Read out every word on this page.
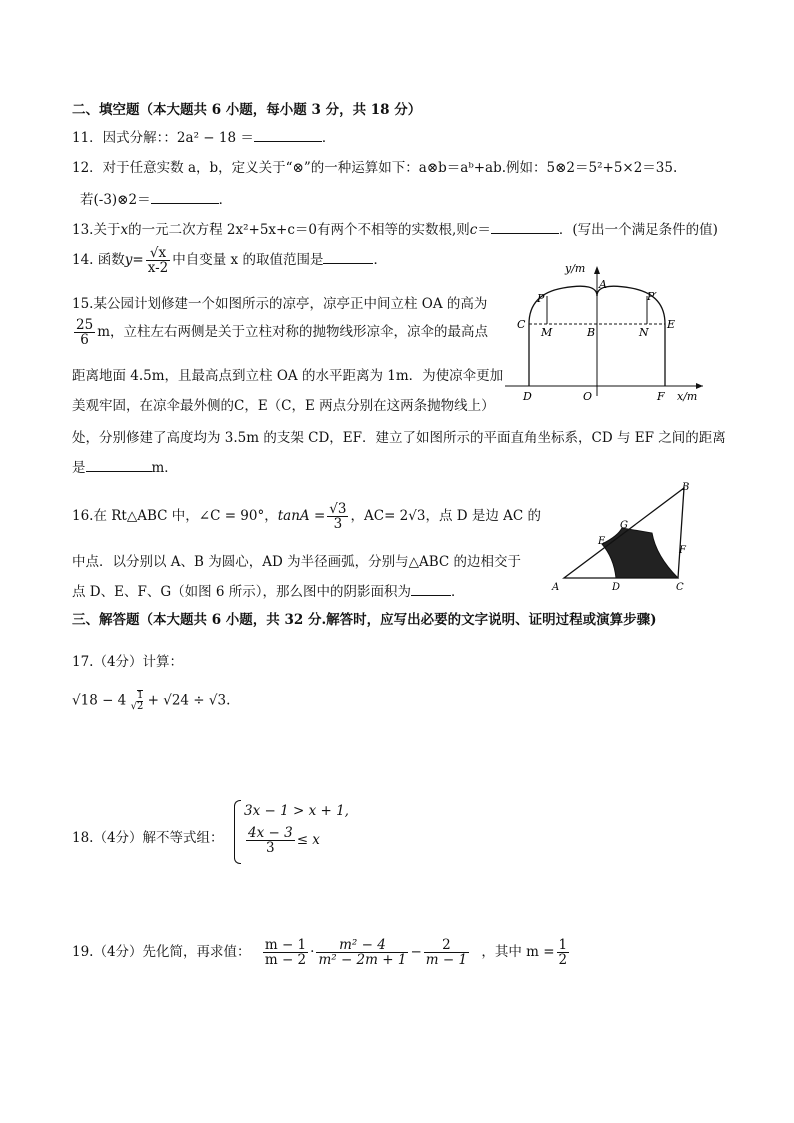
二、填空题（本大题共 6 小题，每小题 3 分，共 18 分）
11．因式分解：：2a² − 18 ＝	．
12．对于任意实数 a，b，定义关于“⊗”的一种运算如下：a⊗b＝aᵇ+ab.例如：5⊗2＝5²+5×2＝35.
若(-3)⊗2＝	．
13.关于x的一元二次方程 2x²+5x+c＝0有两个不相等的实数根,则c＝	．(写出一个满足条件的值)
14. 函数$y= \frac{√x}{x-2}$ 中自变量 x 的取值范围是	．
15.某公园计划修建一个如图所示的凉亭，凉亭正中间立柱 OA 的高为
$\frac{25}{6}$ m，立柱左右两侧是关于立柱对称的抛物线形凉伞，凉伞的最高点
距离地面 4.5m，且最高点到立柱 OA 的水平距离为 1m．为使凉伞更加
美观牢固，在凉伞最外侧的C，E（C，E 两点分别在这两条抛物线上）
处，分别修建了高度均为 3.5m 的支架 CD，EF．建立了如图所示的平面直角坐标系，CD 与 EF 之间的距离
是	m．
y/m
x/m
P	P′
A
C	E
M	B	N
D	O	F
16.在 Rt△ABC 中，∠C = 90°，$\tan A = \frac{√3}{3}$ ，AC= 2√3，点 D 是边 AC 的
中点．以分别以 A、B 为圆心，AD 为半径画弧，分别与△ABC 的边相交于
点 D、E、F、G（如图 6 所示），那么图中的阴影面积为	．	A
B
C
D
E
F
G
三、解答题（本大题共 6 小题，共 32 分.解答时，应写出必要的文字说明、证明过程或演算步骤)
17.（4分）计算：
√18 − 4 √ $\frac{1}{2} + √24 \div √3$.
18.（4分）解不等式组：
3x − 1 > x + 1,
$\frac{4x - 3}{3} \le x$
19.（4分）先化简，再求值： $\frac{m - 1}{m - 2} \cdot \frac{\text{m² − 4}}{\text{m² − 2m + 1}} - \frac{2}{m - 1}$ ，其中 $m = \frac{1}{2}$
